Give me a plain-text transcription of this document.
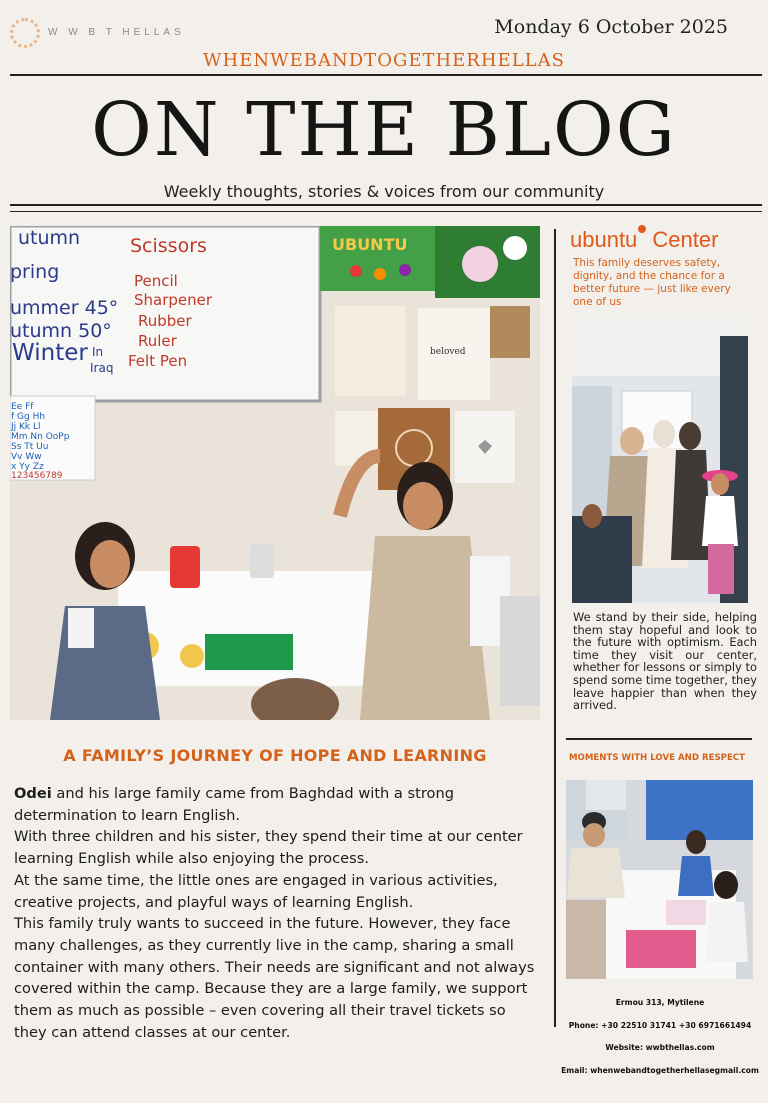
W W B T HELLAS	Monday 6 October 2025
WHENWEBANDTOGETHERHELLAS
ON THE BLOG
Weekly thoughts, stories & voices from our community
utumn
pring
ummer 45°
utumn 50°
Winter In
Iraq
Scissors
Pencil
Sharpener
Rubber
Ruler
Felt Pen
Ee Ff
f Gg Hh
Jj Kk Ll
Mm Nn OoPp
Ss Tt Uu
Vv Ww
x Yy Zz
123456789
UBUNTU
beloved
ubuntu Center
This family deserves safety, dignity, and the chance for a better future — just like every one of us
We stand by their side, helping them stay hopeful and look to the future with optimism. Each time they visit our center, whether for lessons or simply to spend some time together, they leave happier than when they arrived.
MOMENTS WITH LOVE AND RESPECT
Ermou 313, Mytilene
Phone: +30 22510 31741 +30 6971661494
Website: wwbthellas.com
Email: whenwebandtogetherhellasegmail.com
A FAMILY’S JOURNEY OF HOPE AND LEARNING

Odei and his large family came from Baghdad with a strong determination to learn English.

With three children and his sister, they spend their time at our center learning English while also enjoying the process.

At the same time, the little ones are engaged in various activities, creative projects, and playful ways of learning English.

This family truly wants to succeed in the future. However, they face many challenges, as they currently live in the camp, sharing a small container with many others. Their needs are significant and not always covered within the camp. Because they are a large family, we support them as much as possible – even covering all their travel tickets so they can attend classes at our center.
